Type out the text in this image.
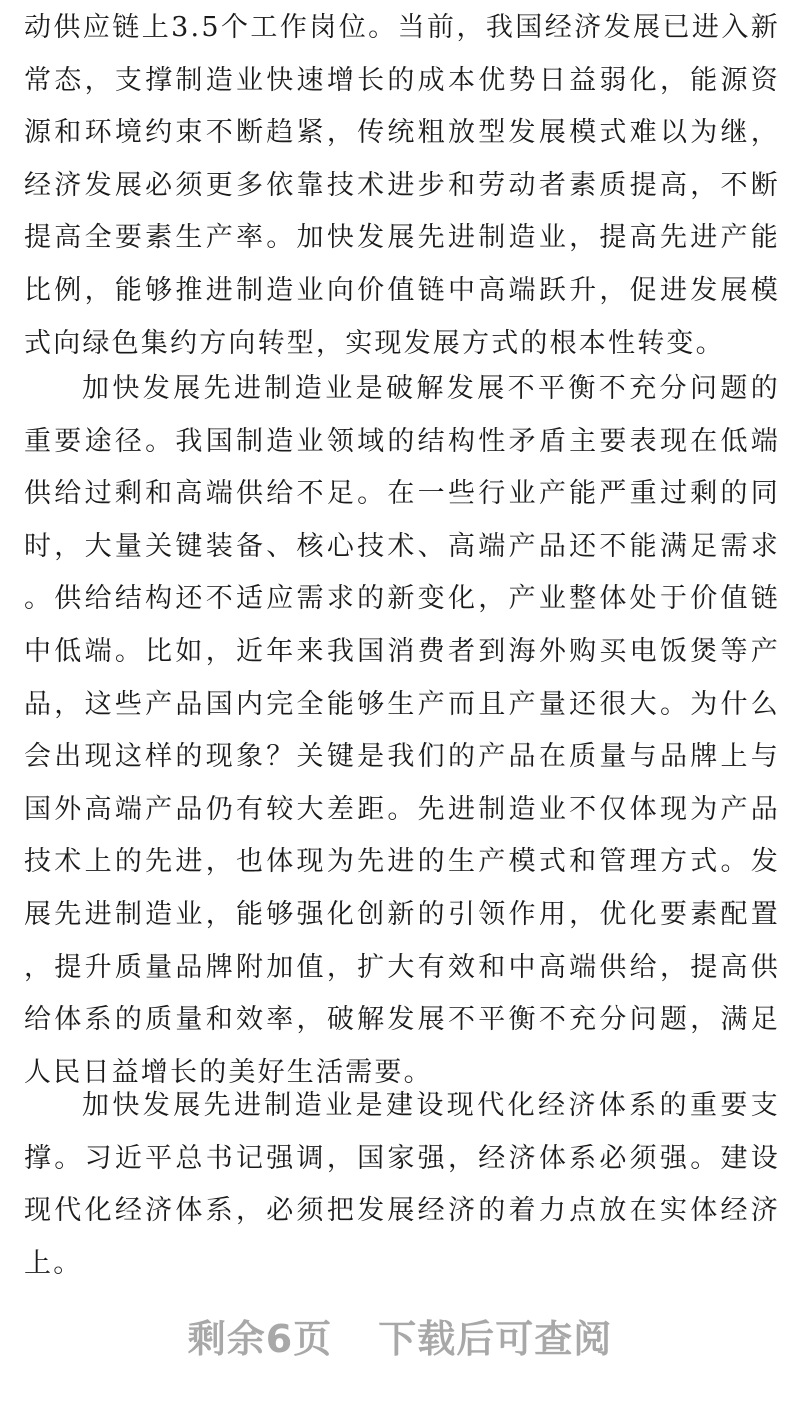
动供应链上3.5个工作岗位。当前，我国经济发展已进入新常态，支撑制造业快速增长的成本优势日益弱化，能源资源和环境约束不断趋紧，传统粗放型发展模式难以为继，经济发展必须更多依靠技术进步和劳动者素质提高，不断提高全要素生产率。加快发展先进制造业，提高先进产能比例，能够推进制造业向价值链中高端跃升，促进发展模式向绿色集约方向转型，实现发展方式的根本性转变。

加快发展先进制造业是破解发展不平衡不充分问题的重要途径。我国制造业领域的结构性矛盾主要表现在低端供给过剩和高端供给不足。在一些行业产能严重过剩的同时，大量关键装备、核心技术、高端产品还不能满足需求。供给结构还不适应需求的新变化，产业整体处于价值链中低端。比如，近年来我国消费者到海外购买电饭煲等产品，这些产品国内完全能够生产而且产量还很大。为什么会出现这样的现象？关键是我们的产品在质量与品牌上与国外高端产品仍有较大差距。先进制造业不仅体现为产品技术上的先进，也体现为先进的生产模式和管理方式。发展先进制造业，能够强化创新的引领作用，优化要素配置，提升质量品牌附加值，扩大有效和中高端供给，提高供给体系的质量和效率，破解发展不平衡不充分问题，满足人民日益增长的美好生活需要。

加快发展先进制造业是建设现代化经济体系的重要支撑。习近平总书记强调，国家强，经济体系必须强。建设现代化经济体系，必须把发展经济的着力点放在实体经济上。

剩余6页 下载后可查阅
